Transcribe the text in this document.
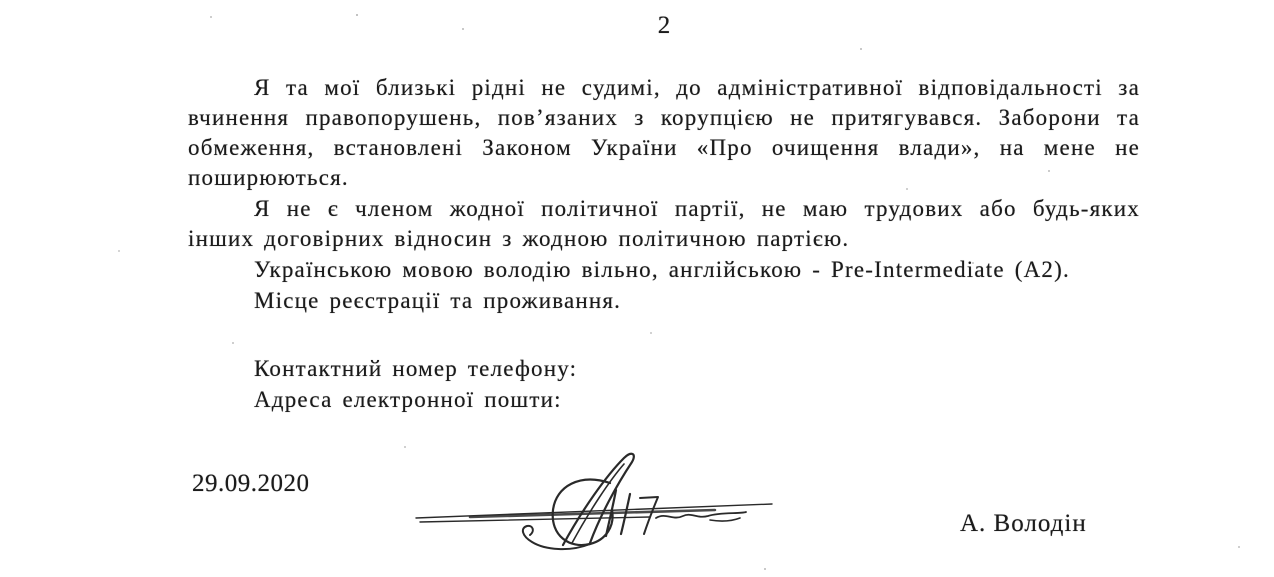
2

Я та мої близькі рідні не судимі, до адміністративної відповідальності за вчинення правопорушень, пов’язаних з корупцією не притягувався. Заборони та обмеження, встановлені Законом України «Про очищення влади», на мене не поширюються.

Я не є членом жодної політичної партії, не маю трудових або будь-яких інших договірних відносин з жодною політичною партією.

Українською мовою володію вільно, англійською - Pre-Intermediate (A2).

Місце реєстрації та проживання.

Контактний номер телефону:

Адреса електронної пошти:

29.09.2020
А. Володін
